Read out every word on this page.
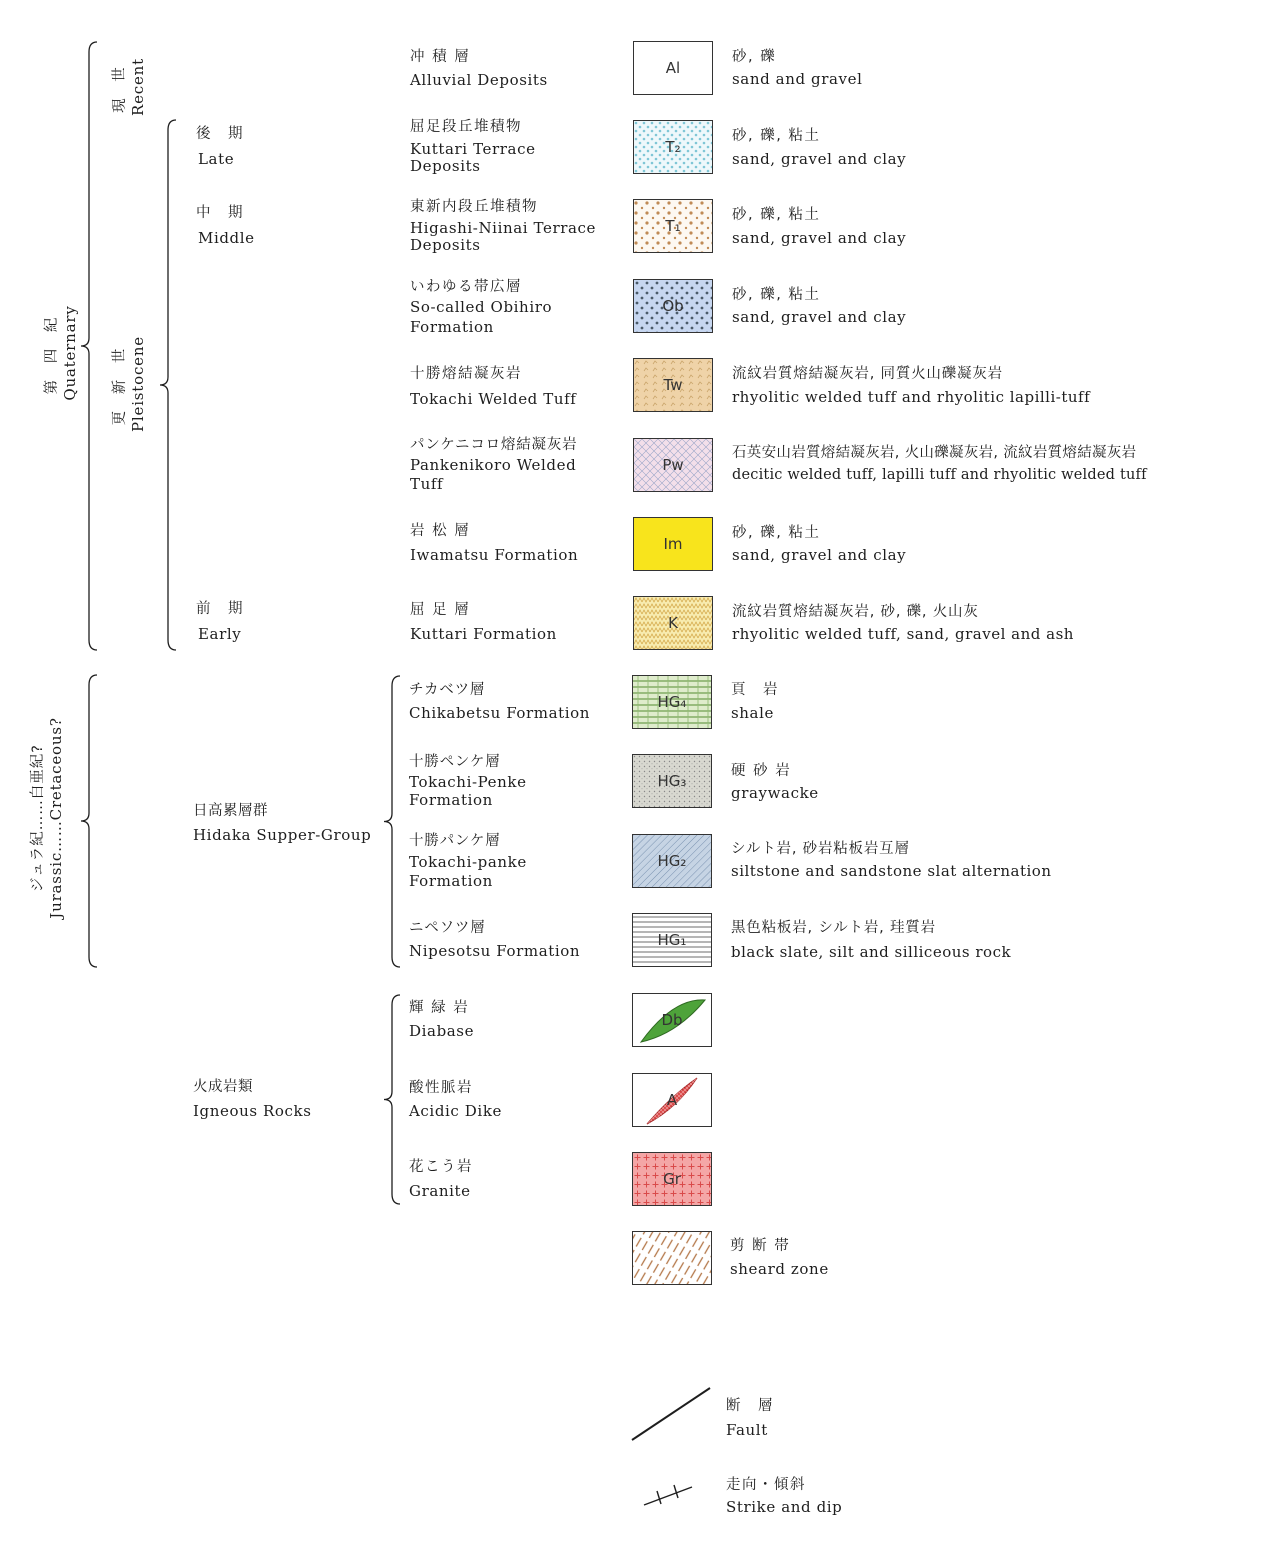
第 四 紀
Quaternary
ジュラ紀……白亜紀?
Jurassic……Cretaceous?
現 世
Recent
更 新 世
Pleistocene
後　期
Late
中　期
Middle
前　期
Early
日高累層群
Hidaka Supper-Group
火成岩類
Igneous Rocks
冲 積 層
Alluvial Deposits
Al
砂, 礫
sand and gravel
屈足段丘堆積物
Kuttari Terrace
Deposits
T₂
砂, 礫, 粘土
sand, gravel and clay
東新内段丘堆積物
Higashi-Niinai Terrace
Deposits
T₁
砂, 礫, 粘土
sand, gravel and clay
いわゆる帯広層
So-called Obihiro
Formation
Ob
砂, 礫, 粘土
sand, gravel and clay
十勝熔結凝灰岩
Tokachi Welded Tuff
Tw
流紋岩質熔結凝灰岩, 同質火山礫凝灰岩
rhyolitic welded tuff and rhyolitic lapilli-tuff
パンケニコロ熔結凝灰岩
Pankenikoro Welded
Tuff
Pw
石英安山岩質熔結凝灰岩, 火山礫凝灰岩, 流紋岩質熔結凝灰岩
decitic welded tuff, lapilli tuff and rhyolitic welded tuff
岩 松 層
Iwamatsu Formation
Im
砂, 礫, 粘土
sand, gravel and clay
屈 足 層
Kuttari Formation
K
流紋岩質熔結凝灰岩, 砂, 礫, 火山灰
rhyolitic welded tuff, sand, gravel and ash
チカベツ層
Chikabetsu Formation
HG₄
頁　岩
shale
十勝ペンケ層
Tokachi-Penke
Formation
HG₃
硬 砂 岩
graywacke
十勝パンケ層
Tokachi-panke
Formation
HG₂
シルト岩, 砂岩粘板岩互層
siltstone and sandstone slat alternation
ニペソツ層
Nipesotsu Formation
HG₁
黒色粘板岩, シルト岩, 珪質岩
black slate, silt and silliceous rock
輝 緑 岩
Diabase
Db
酸性脈岩
Acidic Dike
A
花こう岩
Granite
Gr
剪 断 帯
sheard zone
断　層
Fault
走向・傾斜
Strike and dip
